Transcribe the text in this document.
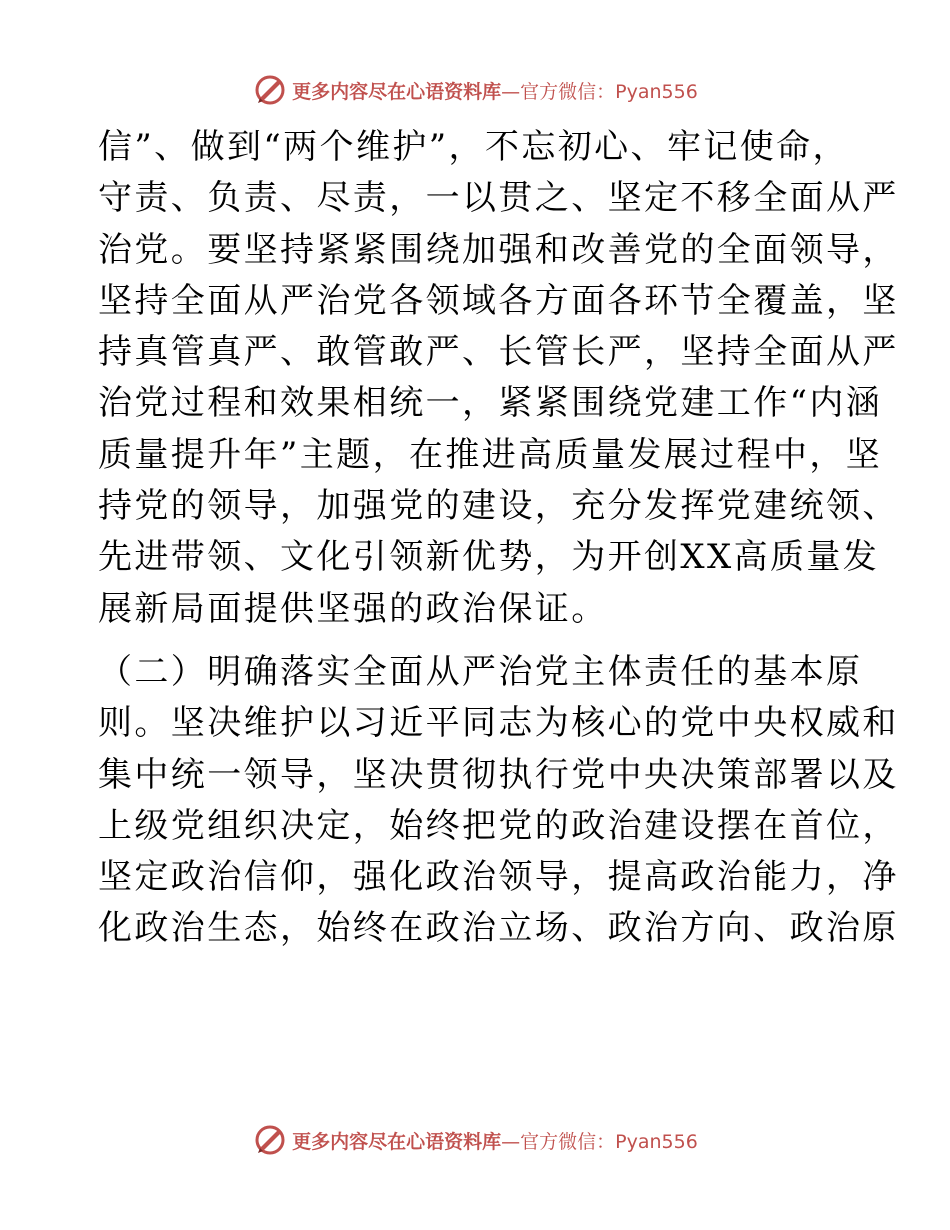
更多内容尽在心语资料库—官方微信：Pyan556
信”、做到“两个维护”，不忘初心、牢记使命，
守责、负责、尽责，一以贯之、坚定不移全面从严
治党。要坚持紧紧围绕加强和改善党的全面领导，
坚持全面从严治党各领域各方面各环节全覆盖，坚
持真管真严、敢管敢严、长管长严，坚持全面从严
治党过程和效果相统一，紧紧围绕党建工作“内涵
质量提升年”主题，在推进高质量发展过程中，坚
持党的领导，加强党的建设，充分发挥党建统领、
先进带领、文化引领新优势，为开创XX高质量发
展新局面提供坚强的政治保证。
（二）明确落实全面从严治党主体责任的基本原
则。坚决维护以习近平同志为核心的党中央权威和
集中统一领导，坚决贯彻执行党中央决策部署以及
上级党组织决定，始终把党的政治建设摆在首位，
坚定政治信仰，强化政治领导，提高政治能力，净
化政治生态，始终在政治立场、政治方向、政治原
更多内容尽在心语资料库—官方微信：Pyan556
